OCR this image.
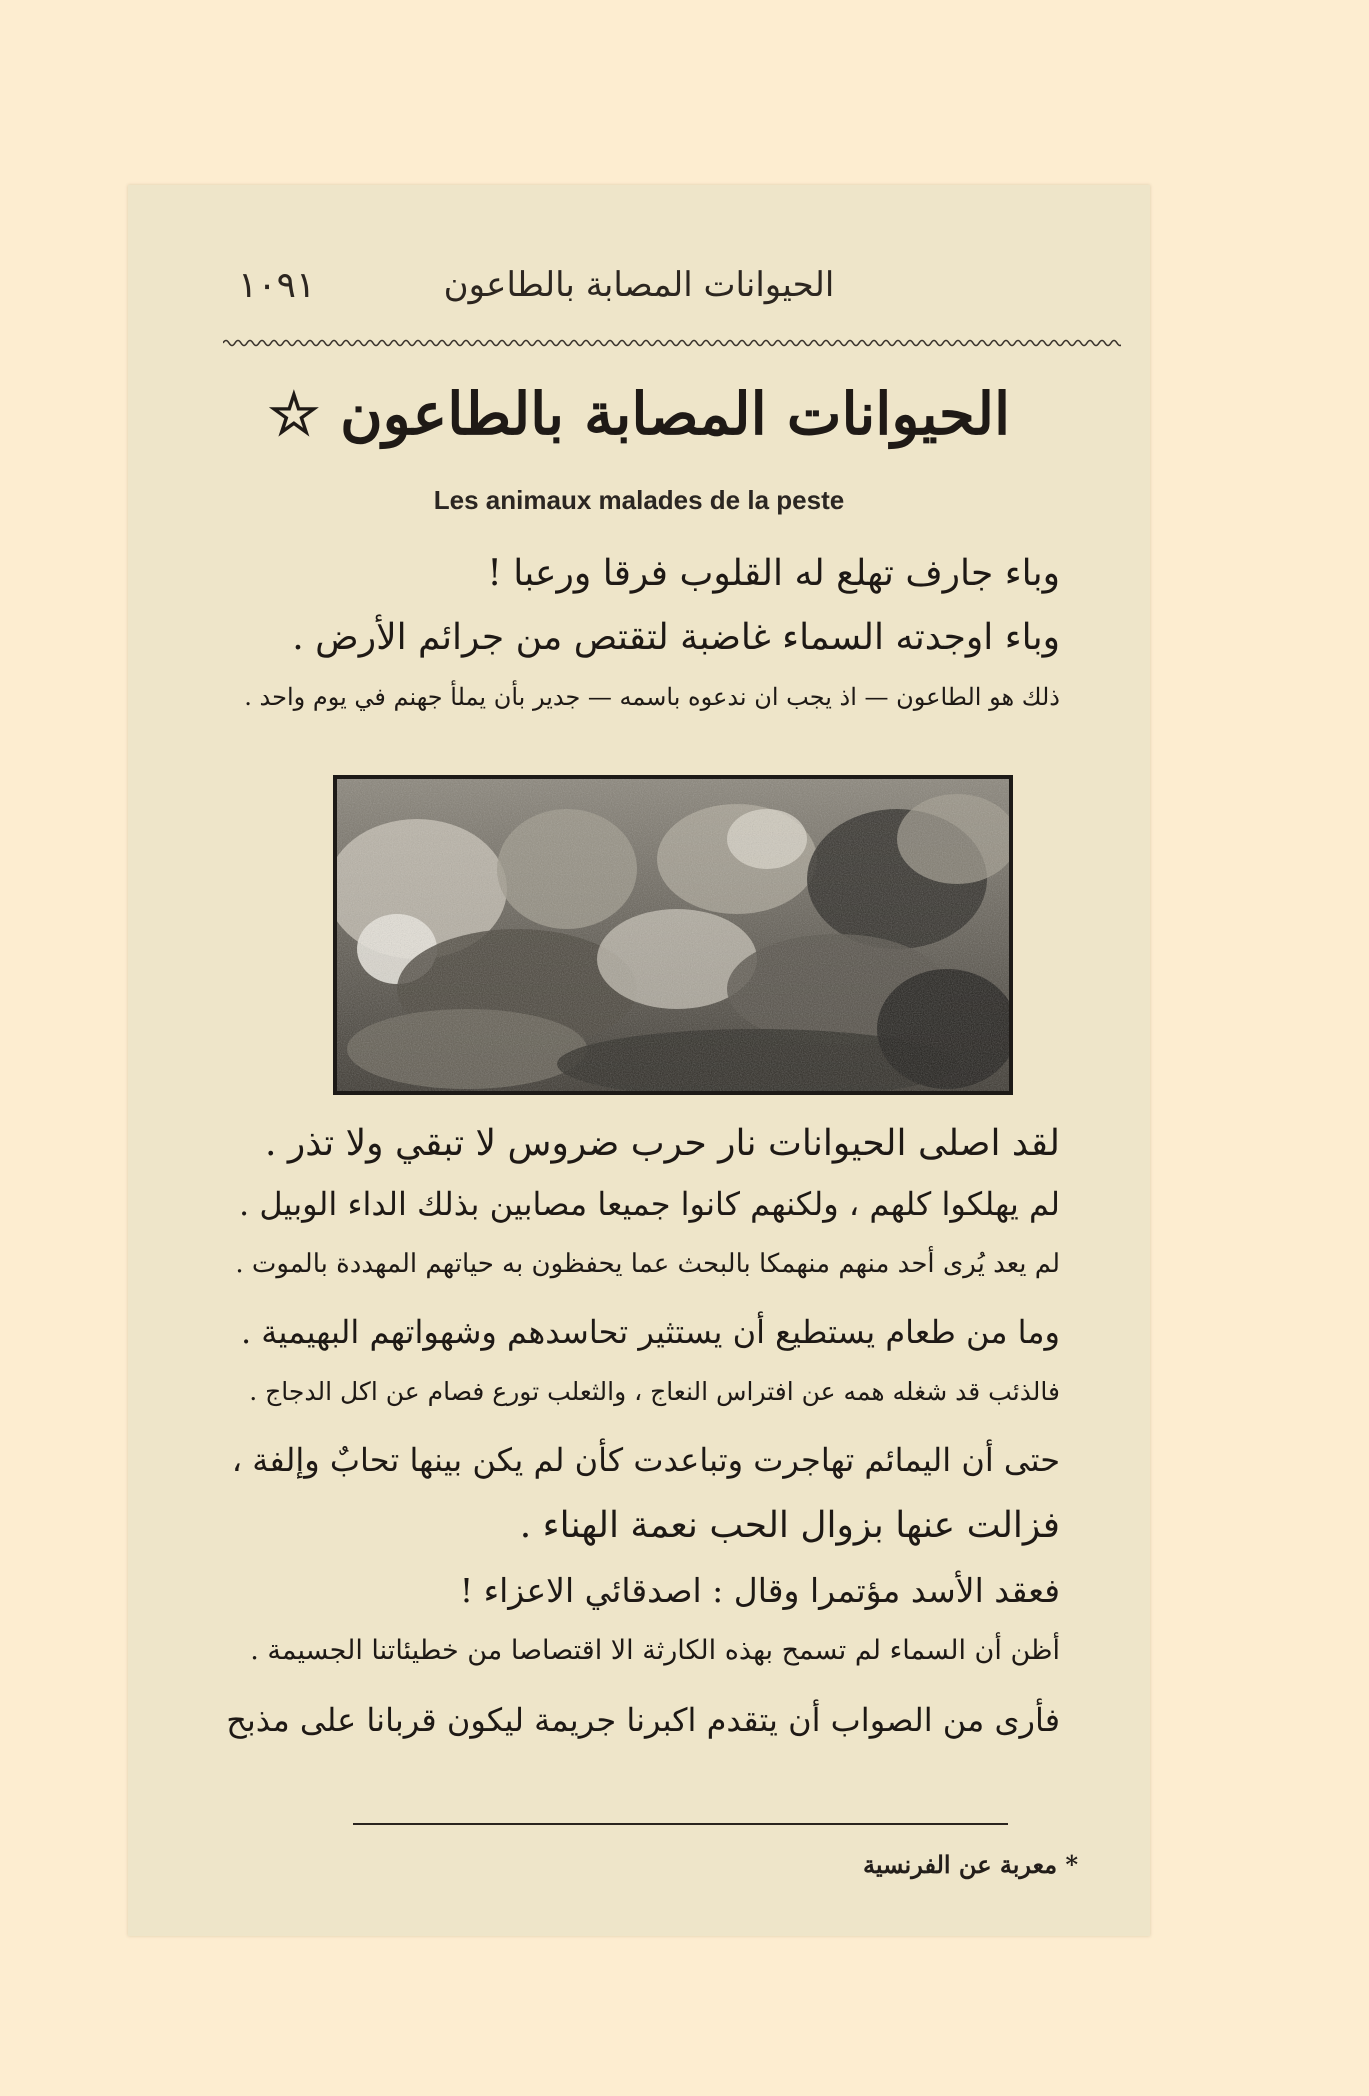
الحيوانات المصابة بالطاعون
١٠٩١
الحيوانات المصابة بالطاعون ☆
Les animaux malades de la peste
وباء جارف تهلع له القلوب فرقا ورعبا !
وباء اوجدته السماء غاضبة لتقتص من جرائم الأرض .
ذلك هو الطاعون — اذ يجب ان ندعوه باسمه — جدير بأن يملأ جهنم في يوم واحد .
لقد اصلى الحيوانات نار حرب ضروس لا تبقي ولا تذر .
لم يهلكوا كلهم ، ولكنهم كانوا جميعا مصابين بذلك الداء الوبيل .
لم يعد يُرى أحد منهم منهمكا بالبحث عما يحفظون به حياتهم المهددة بالموت .
وما من طعام يستطيع أن يستثير تحاسدهم وشهواتهم البهيمية .
فالذئب قد شغله همه عن افتراس النعاج ، والثعلب تورع فصام عن اكل الدجاج .
حتى أن اليمائم تهاجرت وتباعدت كأن لم يكن بينها تحابٌ وإلفة ،
فزالت عنها بزوال الحب نعمة الهناء .
فعقد الأسد مؤتمرا وقال : اصدقائي الاعزاء !
أظن أن السماء لم تسمح بهذه الكارثة الا اقتصاصا من خطيئاتنا الجسيمة .
فأرى من الصواب أن يتقدم اكبرنا جريمة ليكون قربانا على مذبح
* معربة عن الفرنسية
